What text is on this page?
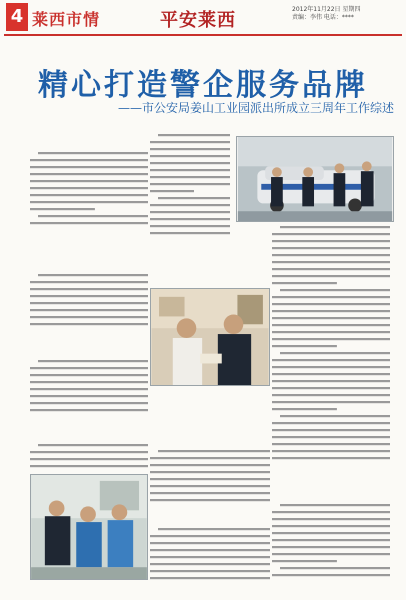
4 莱西市情	平安莱西
2012年11月22日 星期四
责编：李伟 电话：****
精心打造警企服务品牌
——市公安局姜山工业园派出所成立三周年工作综述
